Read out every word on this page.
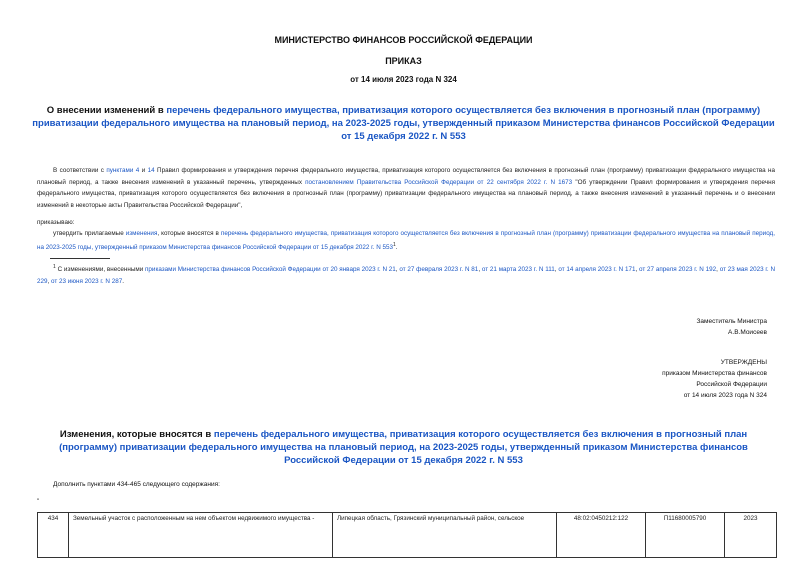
МИНИСТЕРСТВО ФИНАНСОВ РОССИЙСКОЙ ФЕДЕРАЦИИ
ПРИКАЗ
от 14 июля 2023 года N 324
О внесении изменений в перечень федерального имущества, приватизация которого осуществляется без включения в прогнозный план (программу) приватизации федерального имущества на плановый период, на 2023-2025 годы, утвержденный приказом Министерства финансов Российской Федерации от 15 декабря 2022 г. N 553
В соответствии с пунктами 4 и 14 Правил формирования и утверждения перечня федерального имущества, приватизация которого осуществляется без включения в прогнозный план (программу) приватизации федерального имущества на плановый период, а также внесения изменений в указанный перечень, утвержденных постановлением Правительства Российской Федерации от 22 сентября 2022 г. N 1673 "Об утверждении Правил формирования и утверждения перечня федерального имущества, приватизация которого осуществляется без включения в прогнозный план (программу) приватизации федерального имущества на плановый период, а также внесения изменений в указанный перечень и о внесении изменений в некоторые акты Правительства Российской Федерации",
приказываю:
утвердить прилагаемые изменения, которые вносятся в перечень федерального имущества, приватизация которого осуществляется без включения в прогнозный план (программу) приватизации федерального имущества на плановый период, на 2023-2025 годы, утвержденный приказом Министерства финансов Российской Федерации от 15 декабря 2022 г. N $553^1$.
$^1$ С изменениями, внесенными приказами Министерства финансов Российской Федерации от 20 января 2023 г. N 21, от 27 февраля 2023 г. N 81, от 21 марта 2023 г. N 111, от 14 апреля 2023 г. N 171, от 27 апреля 2023 г. N 192, от 23 мая 2023 г. N 229, от 23 июня 2023 г. N 287.
Заместитель Министра
А.В.Моисеев
УТВЕРЖДЕНЫ
приказом Министерства финансов
Российской Федерации
от 14 июля 2023 года N 324
Изменения, которые вносятся в перечень федерального имущества, приватизация которого осуществляется без включения в прогнозный план (программу) приватизации федерального имущества на плановый период, на 2023-2025 годы, утвержденный приказом Министерства финансов Российской Федерации от 15 декабря 2022 г. N 553
Дополнить пунктами 434-465 следующего содержания:
"
434	Земельный участок с расположенным на нем объектом недвижимого имущества -	Липецкая область, Грязинский муниципальный район, сельское	48:02:0450212:122	П11680005790	2023
